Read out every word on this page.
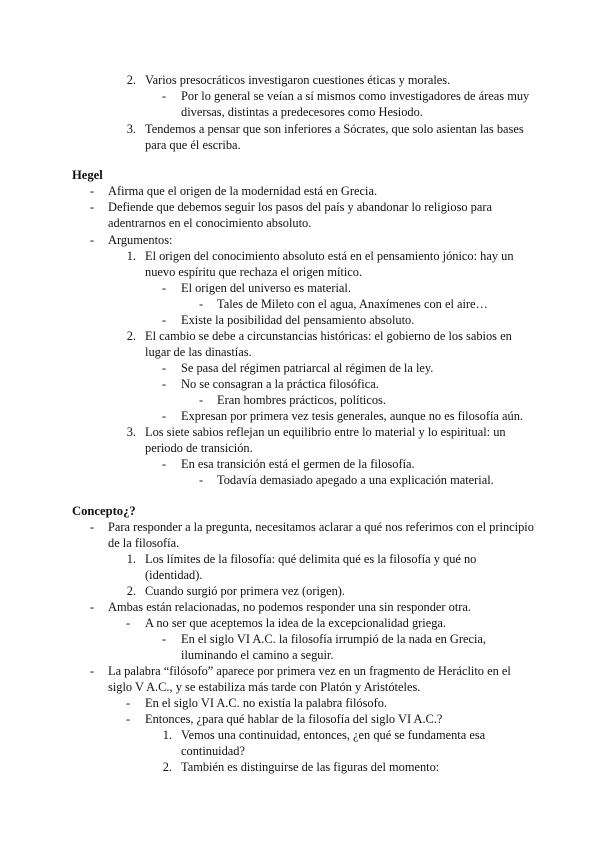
2. Varios presocráticos investigaron cuestiones éticas y morales.
- Por lo general se veían a sí mismos como investigadores de áreas muy
diversas, distintas a predecesores como Hesiodo.
3. Tendemos a pensar que son inferiores a Sócrates, que solo asientan las bases
para que él escriba.
Hegel
- Afirma que el origen de la modernidad está en Grecia.
- Defiende que debemos seguir los pasos del país y abandonar lo religioso para
adentrarnos en el conocimiento absoluto.
- Argumentos:
1. El origen del conocimiento absoluto está en el pensamiento jónico: hay un
nuevo espíritu que rechaza el origen mítico.
- El origen del universo es material.
- Tales de Mileto con el agua, Anaxímenes con el aire…
- Existe la posibilidad del pensamiento absoluto.
2. El cambio se debe a circunstancias históricas: el gobierno de los sabios en
lugar de las dinastías.
- Se pasa del régimen patriarcal al régimen de la ley.
- No se consagran a la práctica filosófica.
- Eran hombres prácticos, políticos.
- Expresan por primera vez tesis generales, aunque no es filosofía aún.
3. Los siete sabios reflejan un equilibrio entre lo material y lo espiritual: un
periodo de transición.
- En esa transición está el germen de la filosofía.
- Todavía demasiado apegado a una explicación material.
Concepto¿?
- Para responder a la pregunta, necesitamos aclarar a qué nos referimos con el principio
de la filosofía.
1. Los límites de la filosofía: qué delimita qué es la filosofía y qué no
(identidad).
2. Cuando surgió por primera vez (origen).
- Ambas están relacionadas, no podemos responder una sin responder otra.
- A no ser que aceptemos la idea de la excepcionalidad griega.
- En el siglo VI A.C. la filosofía irrumpió de la nada en Grecia,
iluminando el camino a seguir.
- La palabra “filósofo” aparece por primera vez en un fragmento de Heráclito en el
siglo V A.C., y se estabiliza más tarde con Platón y Aristóteles.
- En el siglo VI A.C. no existía la palabra filósofo.
- Entonces, ¿para qué hablar de la filosofía del siglo VI A.C.?
1. Vemos una continuidad, entonces, ¿en qué se fundamenta esa
continuidad?
2. También es distinguirse de las figuras del momento:
